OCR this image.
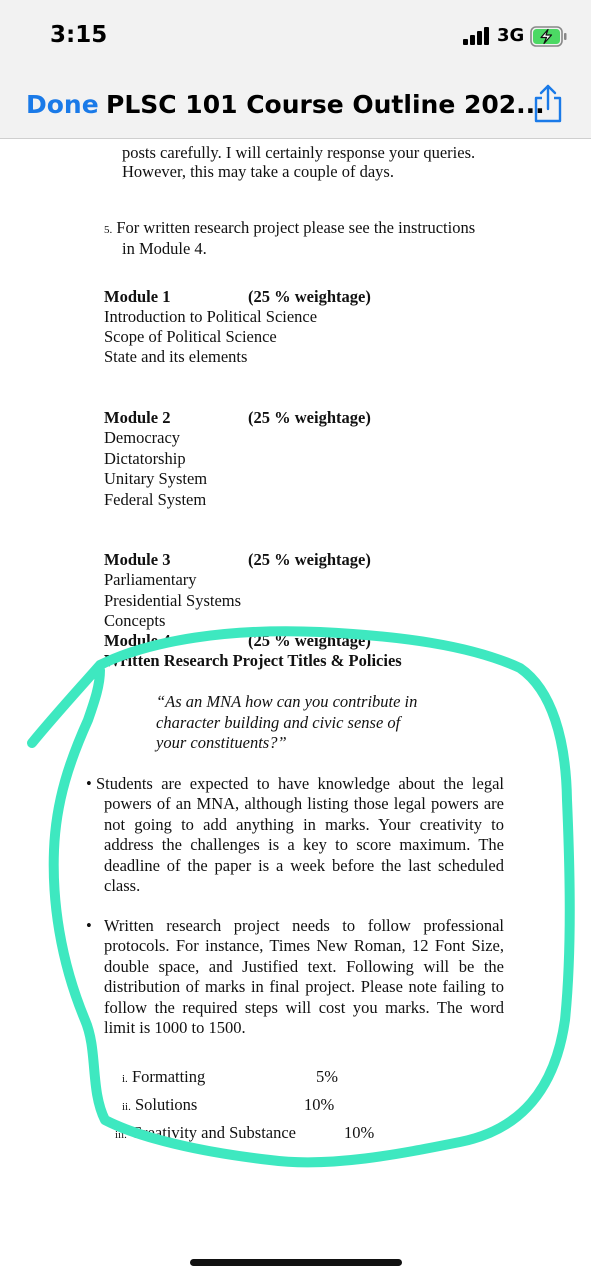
3:15	3G
Done PLSC 101 Course Outline 202...
posts carefully. I will certainly response your queries.
However, this may take a couple of days.
5. For written research project please see the instructions
in Module 4.
Module 1	(25 % weightage)
Introduction to Political Science
Scope of Political Science
State and its elements
Module 2	(25 % weightage)
Democracy
Dictatorship
Unitary System
Federal System
Module 3	(25 % weightage)
Parliamentary
Presidential Systems
Concepts
Module 4	(25 % weightage)
Written Research Project Titles & Policies
“As an MNA how can you contribute in
character building and civic sense of
your constituents?”
• Students are expected to have knowledge about the legal powers of an MNA, although listing those legal powers are not going to add anything in marks. Your creativity to address the challenges is a key to score maximum. The deadline of the paper is a week before the last scheduled class.
• Written research project needs to follow professional protocols. For instance, Times New Roman, 12 Font Size, double space, and Justified text. Following will be the distribution of marks in final project. Please note failing to follow the required steps will cost you marks. The word limit is 1000 to 1500.
i. Formatting	5%
ii. Solutions	10%
iii. Creativity and Substance	10%
